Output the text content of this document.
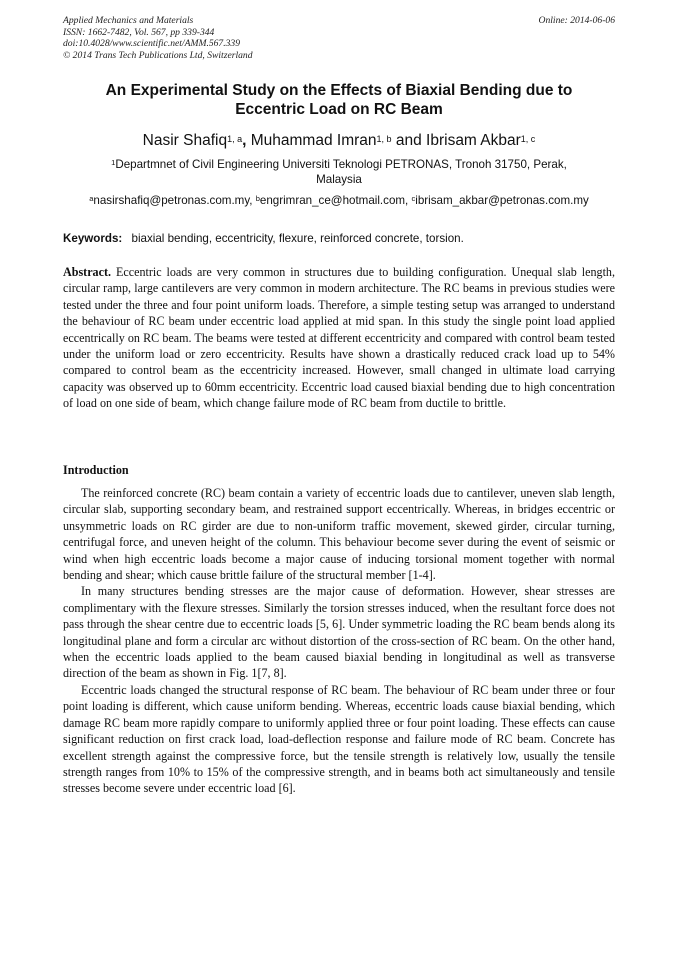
Applied Mechanics and Materials
ISSN: 1662-7482, Vol. 567, pp 339-344
doi:10.4028/www.scientific.net/AMM.567.339
© 2014 Trans Tech Publications Ltd, Switzerland
Online: 2014-06-06
An Experimental Study on the Effects of Biaxial Bending due to
Eccentric Load on RC Beam
Nasir Shafiq$^{1, a}$, Muhammad Imran$^{1, b}$ and Ibrisam Akbar$^{1, c}$
$^1$Departmnet of Civil Engineering Universiti Teknologi PETRONAS, Tronoh 31750, Perak,
Malaysia
$^a$nasirshafiq@petronas.com.my, $^b$engrimran_ce@hotmail.com, $^c$ibrisam_akbar@petronas.com.my
Keywords: biaxial bending, eccentricity, flexure, reinforced concrete, torsion.
Abstract. Eccentric loads are very common in structures due to building configuration. Unequal slab length, circular ramp, large cantilevers are very common in modern architecture. The RC beams in previous studies were tested under the three and four point uniform loads. Therefore, a simple testing setup was arranged to understand the behaviour of RC beam under eccentric load applied at mid span. In this study the single point load applied eccentrically on RC beam. The beams were tested at different eccentricity and compared with control beam tested under the uniform load or zero eccentricity. Results have shown a drastically reduced crack load up to 54% compared to control beam as the eccentricity increased. However, small changed in ultimate load carrying capacity was observed up to 60mm eccentricity. Eccentric load caused biaxial bending due to high concentration of load on one side of beam, which change failure mode of RC beam from ductile to brittle.
Introduction

The reinforced concrete (RC) beam contain a variety of eccentric loads due to cantilever, uneven slab length, circular slab, supporting secondary beam, and restrained support eccentrically. Whereas, in bridges eccentric or unsymmetric loads on RC girder are due to non-uniform traffic movement, skewed girder, circular turning, centrifugal force, and uneven height of the column. This behaviour become sever during the event of seismic or wind when high eccentric loads become a major cause of inducing torsional moment together with normal bending and shear; which cause brittle failure of the structural member [1-4].

In many structures bending stresses are the major cause of deformation. However, shear stresses are complimentary with the flexure stresses. Similarly the torsion stresses induced, when the resultant force does not pass through the shear centre due to eccentric loads [5, 6]. Under symmetric loading the RC beam bends along its longitudinal plane and form a circular arc without distortion of the cross-section of RC beam. On the other hand, when the eccentric loads applied to the beam caused biaxial bending in longitudinal as well as transverse direction of the beam as shown in Fig. 1[7, 8].

Eccentric loads changed the structural response of RC beam. The behaviour of RC beam under three or four point loading is different, which cause uniform bending. Whereas, eccentric loads cause biaxial bending, which damage RC beam more rapidly compare to uniformly applied three or four point loading. These effects can cause significant reduction on first crack load, load-deflection response and failure mode of RC beam. Concrete has excellent strength against the compressive force, but the tensile strength is relatively low, usually the tensile strength ranges from 10% to 15% of the compressive strength, and in beams both act simultaneously and tensile stresses become severe under eccentric load [6].
